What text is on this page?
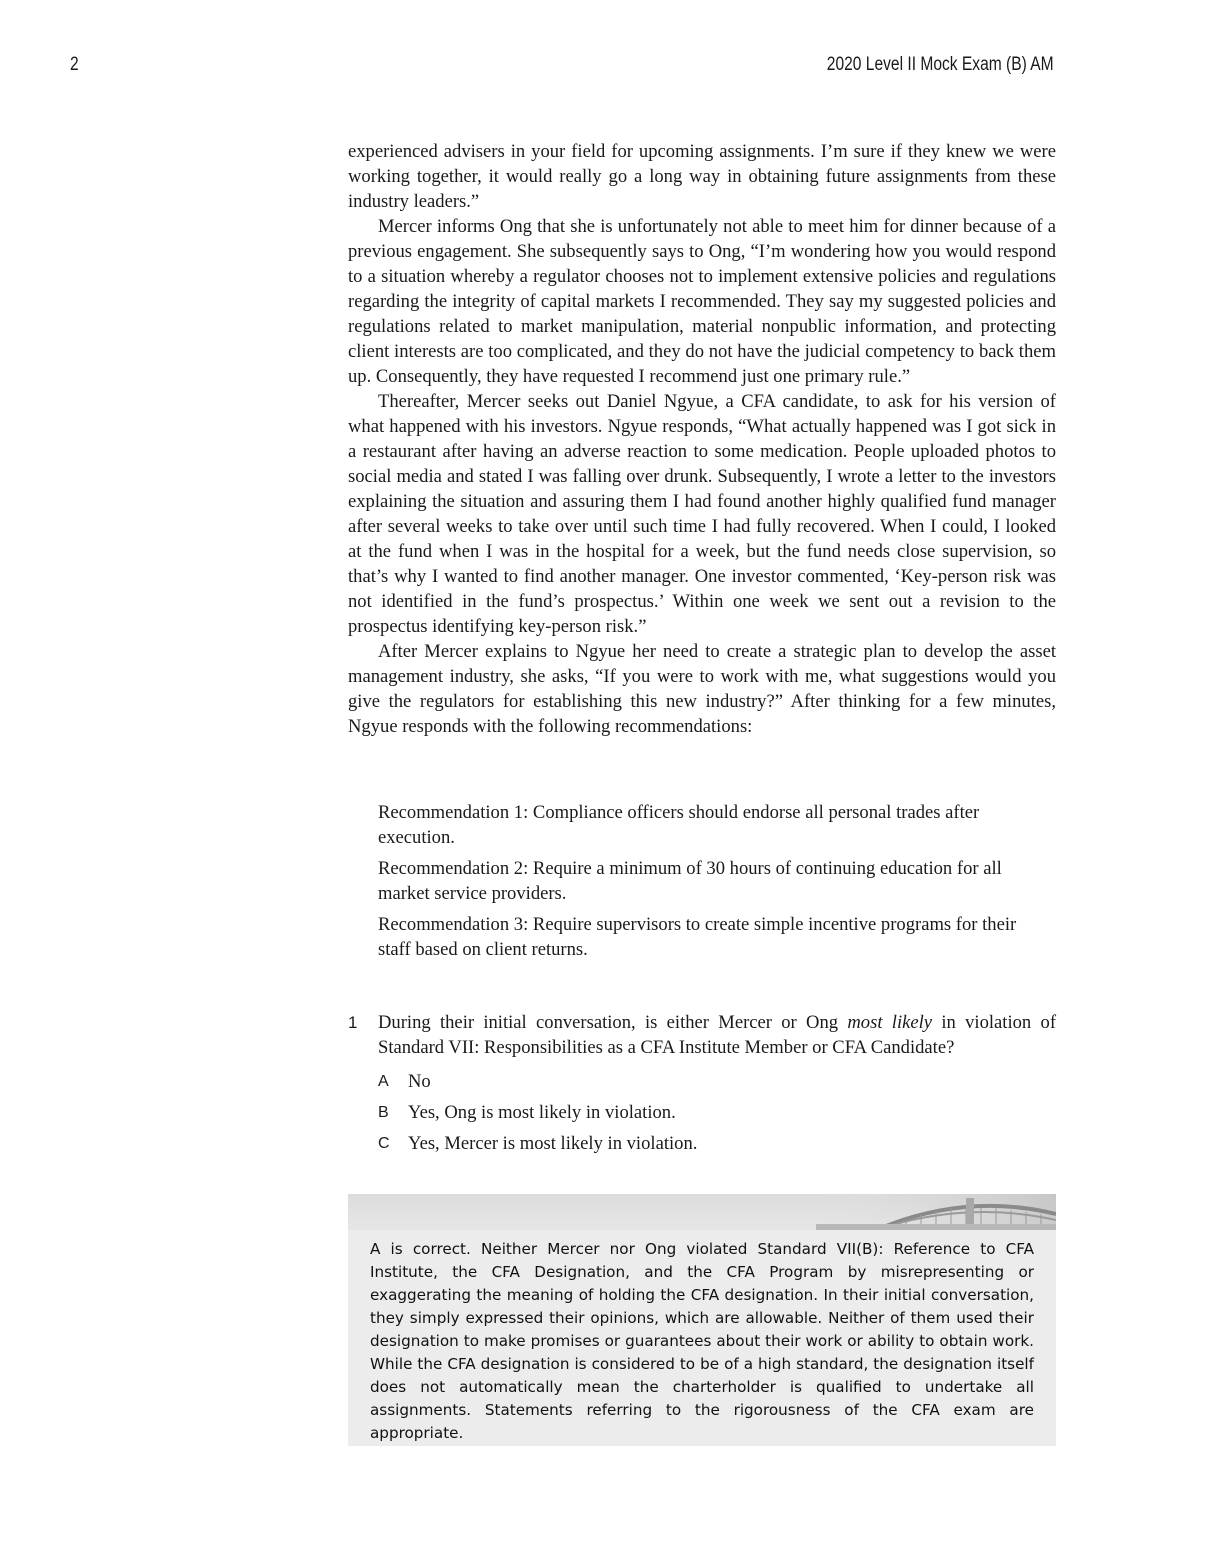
2	2020 Level II Mock Exam (B) AM

experienced advisers in your field for upcoming assignments. I’m sure if they knew we were working together, it would really go a long way in obtaining future assignments from these industry leaders.”

Mercer informs Ong that she is unfortunately not able to meet him for dinner because of a previous engagement. She subsequently says to Ong, “I’m wondering how you would respond to a situation whereby a regulator chooses not to implement extensive policies and regulations regarding the integrity of capital markets I recommended. They say my suggested policies and regulations related to market manipulation, material nonpublic information, and protecting client interests are too complicated, and they do not have the judicial competency to back them up. Consequently, they have requested I recommend just one primary rule.”

Thereafter, Mercer seeks out Daniel Ngyue, a CFA candidate, to ask for his version of what happened with his investors. Ngyue responds, “What actually happened was I got sick in a restaurant after having an adverse reaction to some medication. People uploaded photos to social media and stated I was falling over drunk. Subsequently, I wrote a letter to the investors explaining the situation and assuring them I had found another highly qualified fund manager after several weeks to take over until such time I had fully recovered. When I could, I looked at the fund when I was in the hospital for a week, but the fund needs close supervision, so that’s why I wanted to find another manager. One investor commented, ‘Key-person risk was not identified in the fund’s prospectus.’ Within one week we sent out a revision to the prospectus identifying key-person risk.”

After Mercer explains to Ngyue her need to create a strategic plan to develop the asset management industry, she asks, “If you were to work with me, what suggestions would you give the regulators for establishing this new industry?” After thinking for a few minutes, Ngyue responds with the following recommendations:

Recommendation 1: Compliance officers should endorse all personal trades after execution.

Recommendation 2: Require a minimum of 30 hours of continuing education for all market service providers.

Recommendation 3: Require supervisors to create simple incentive programs for their staff based on client returns.

1 During their initial conversation, is either Mercer or Ong most likely in violation of Standard VII: Responsibilities as a CFA Institute Member or CFA Candidate?
A	No
B	Yes, Ong is most likely in violation.
C Yes, Mercer is most likely in violation.

A is correct. Neither Mercer nor Ong violated Standard VII(B): Reference to CFA Institute, the CFA Designation, and the CFA Program by misrepresenting or exaggerating the meaning of holding the CFA designation. In their initial conversation, they simply expressed their opinions, which are allowable. Neither of them used their designation to make promises or guarantees about their work or ability to obtain work. While the CFA designation is considered to be of a high standard, the designation itself does not automatically mean the charterholder is qualified to undertake all assignments. Statements referring to the rigorousness of the CFA exam are appropriate.
